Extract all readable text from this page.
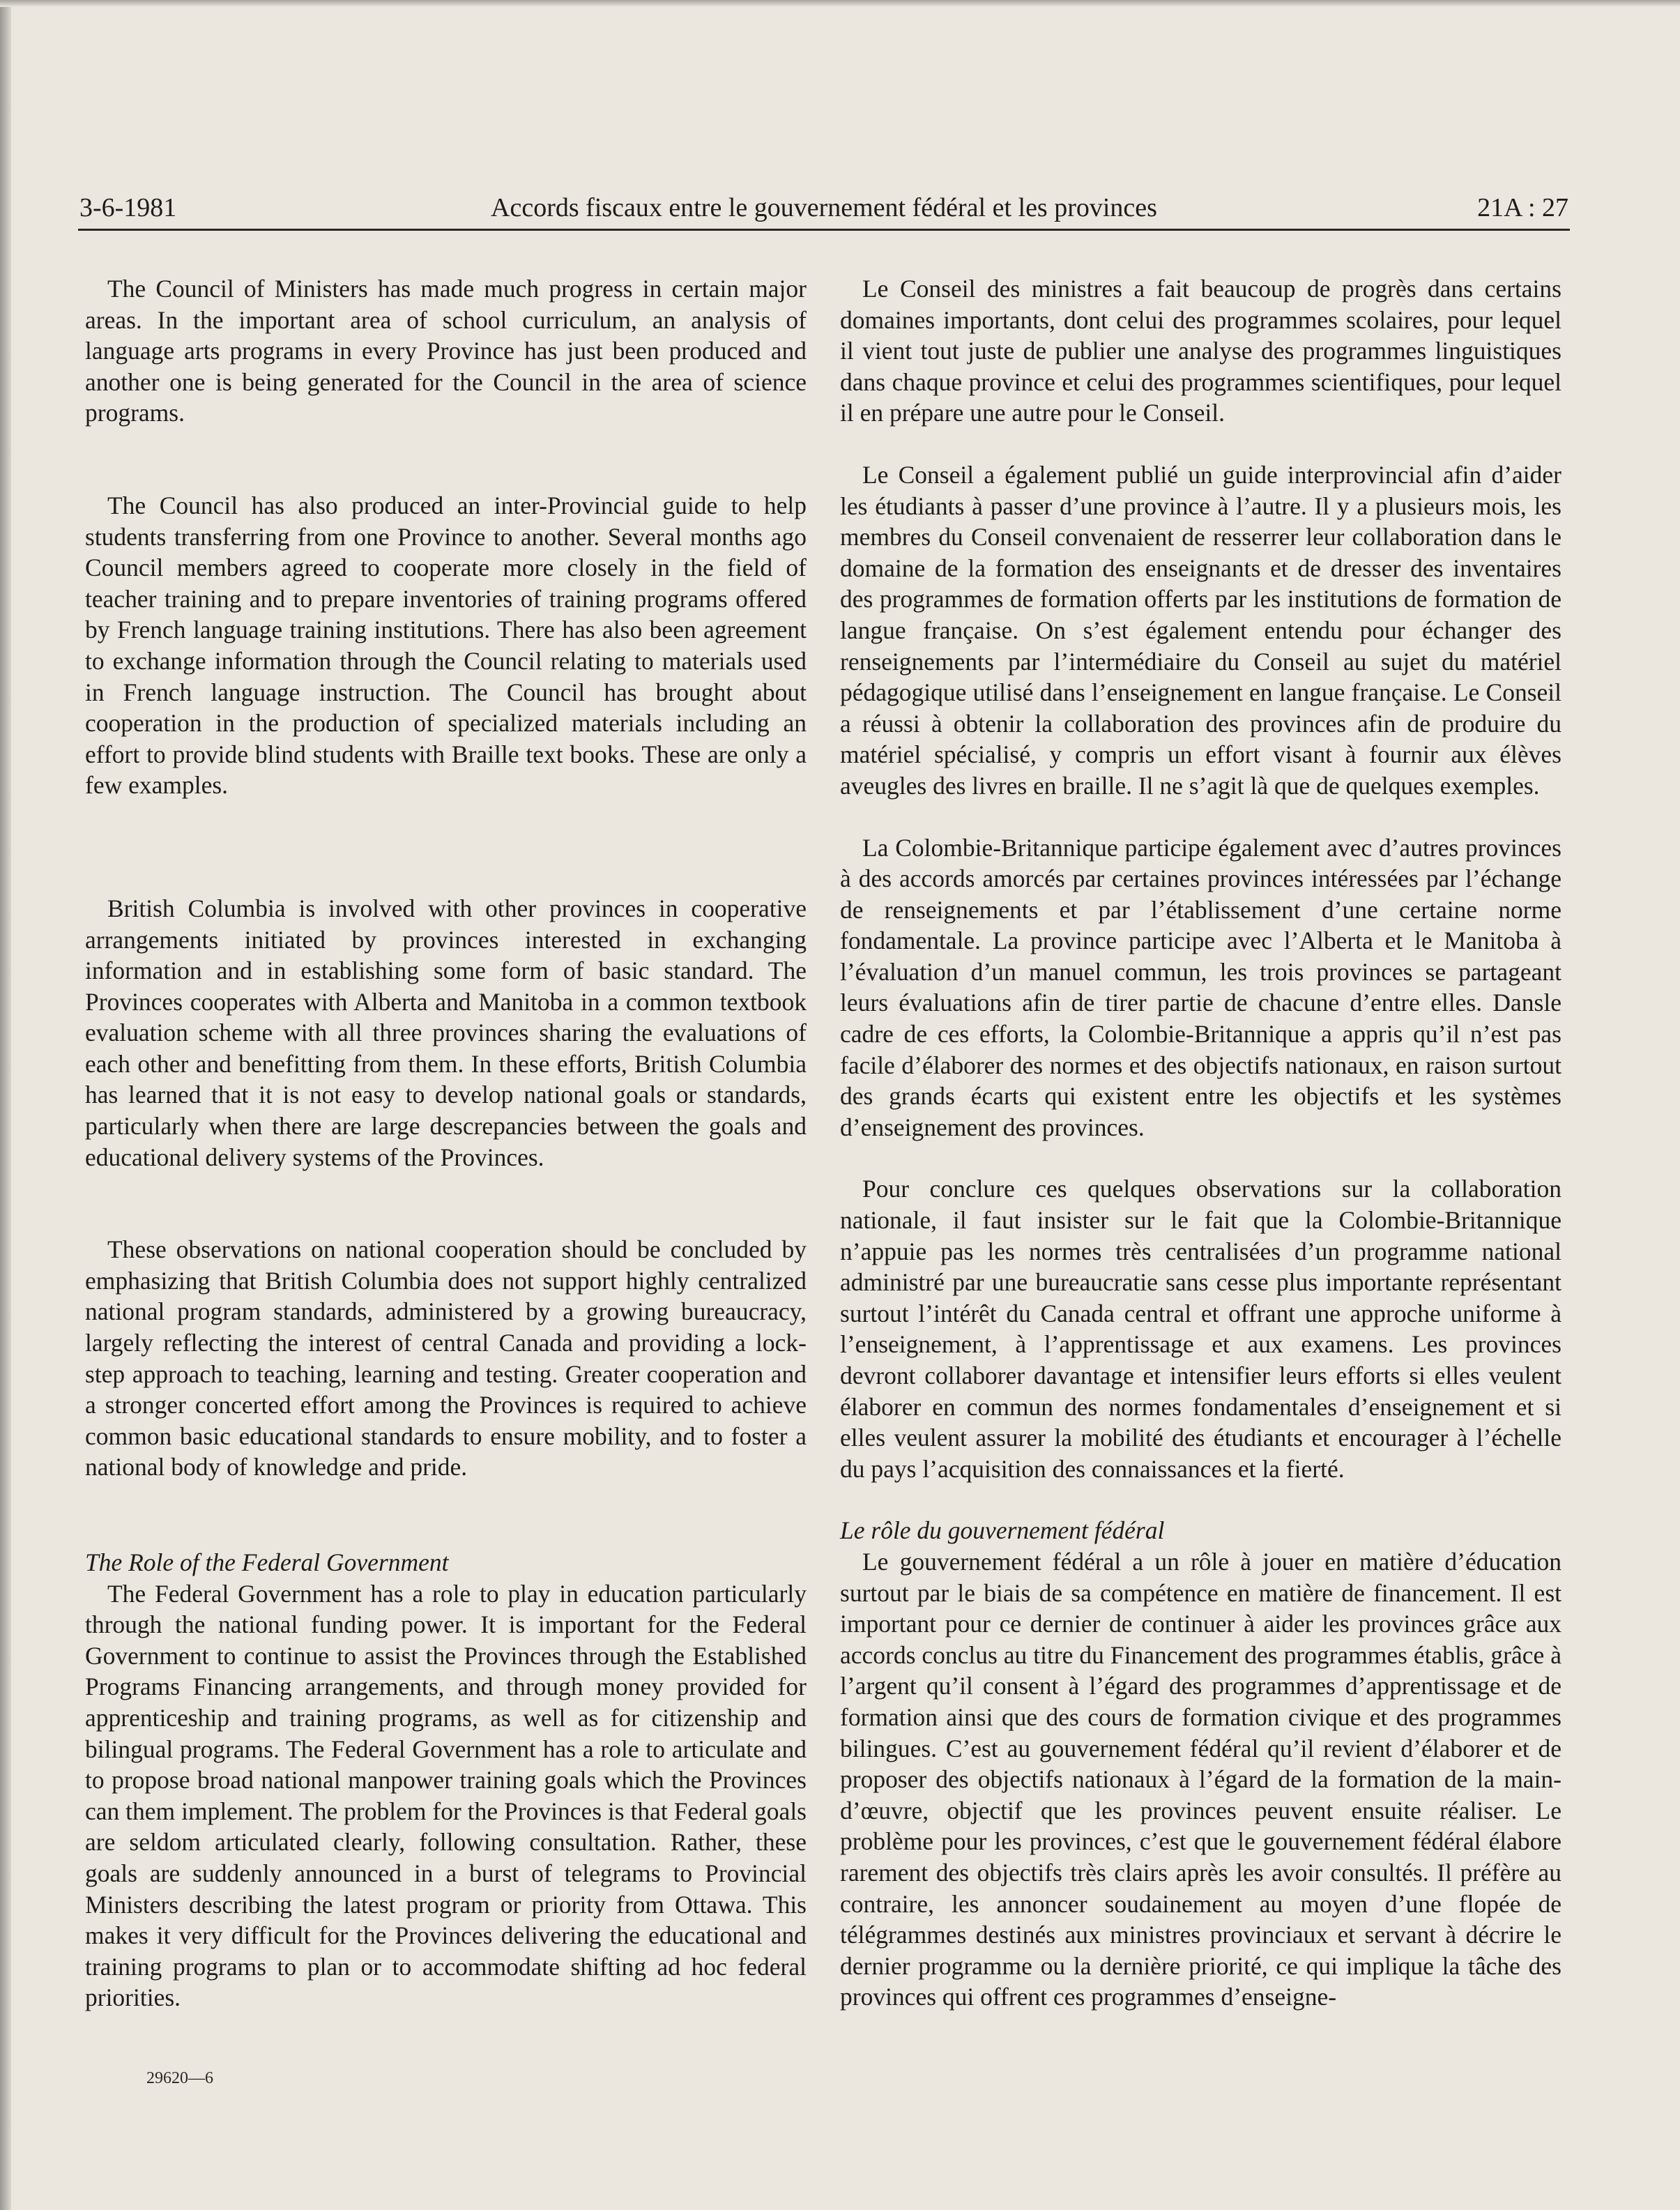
3-6-1981	Accords fiscaux entre le gouvernement fédéral et les provinces	21A : 27

The Council of Ministers has made much progress in certain major areas. In the important area of school curriculum, an analysis of language arts programs in every Province has just been produced and another one is being generated for the Council in the area of science programs.

The Council has also produced an inter-Provincial guide to help students transferring from one Province to another. Several months ago Council members agreed to cooperate more closely in the field of teacher training and to prepare inventories of training programs offered by French language training institutions. There has also been agreement to exchange information through the Council relating to materials used in French language instruction. The Council has brought about cooperation in the production of specialized materials including an effort to provide blind students with Braille text books. These are only a few examples.

British Columbia is involved with other provinces in cooperative arrangements initiated by provinces interested in exchanging information and in establishing some form of basic standard. The Provinces cooperates with Alberta and Manitoba in a common textbook evaluation scheme with all three provinces sharing the evaluations of each other and benefitting from them. In these efforts, British Columbia has learned that it is not easy to develop national goals or standards, particularly when there are large descrepancies between the goals and educational delivery systems of the Provinces.

These observations on national cooperation should be concluded by emphasizing that British Columbia does not support highly centralized national program standards, administered by a growing bureaucracy, largely reflecting the interest of central Canada and providing a lock-step approach to teaching, learning and testing. Greater cooperation and a stronger concerted effort among the Provinces is required to achieve common basic educational standards to ensure mobility, and to foster a national body of knowledge and pride.

The Role of the Federal Government

The Federal Government has a role to play in education particularly through the national funding power. It is important for the Federal Government to continue to assist the Provinces through the Established Programs Financing arrangements, and through money provided for apprenticeship and training programs, as well as for citizenship and bilingual programs. The Federal Government has a role to articulate and to propose broad national manpower training goals which the Provinces can them implement. The problem for the Provinces is that Federal goals are seldom articulated clearly, following consultation. Rather, these goals are suddenly announced in a burst of telegrams to Provincial Ministers describing the latest program or priority from Ottawa. This makes it very difficult for the Provinces delivering the educational and training programs to plan or to accommodate shifting ad hoc federal priorities.

Le Conseil des ministres a fait beaucoup de progrès dans certains domaines importants, dont celui des programmes scolaires, pour lequel il vient tout juste de publier une analyse des programmes linguistiques dans chaque province et celui des programmes scientifiques, pour lequel il en prépare une autre pour le Conseil.

Le Conseil a également publié un guide interprovincial afin d’aider les étudiants à passer d’une province à l’autre. Il y a plusieurs mois, les membres du Conseil convenaient de resserrer leur collaboration dans le domaine de la formation des enseignants et de dresser des inventaires des programmes de formation offerts par les institutions de formation de langue française. On s’est également entendu pour échanger des renseignements par l’intermédiaire du Conseil au sujet du matériel pédagogique utilisé dans l’enseignement en langue française. Le Conseil a réussi à obtenir la collaboration des provinces afin de produire du matériel spécialisé, y compris un effort visant à fournir aux élèves aveugles des livres en braille. Il ne s’agit là que de quelques exemples.

La Colombie-Britannique participe également avec d’autres provinces à des accords amorcés par certaines provinces intéressées par l’échange de renseignements et par l’établissement d’une certaine norme fondamentale. La province participe avec l’Alberta et le Manitoba à l’évaluation d’un manuel commun, les trois provinces se partageant leurs évaluations afin de tirer partie de chacune d’entre elles. Dansle cadre de ces efforts, la Colombie-Britannique a appris qu’il n’est pas facile d’élaborer des normes et des objectifs nationaux, en raison surtout des grands écarts qui existent entre les objectifs et les systèmes d’enseignement des provinces.

Pour conclure ces quelques observations sur la collaboration nationale, il faut insister sur le fait que la Colombie-Britannique n’appuie pas les normes très centralisées d’un programme national administré par une bureaucratie sans cesse plus importante représentant surtout l’intérêt du Canada central et offrant une approche uniforme à l’enseignement, à l’apprentissage et aux examens. Les provinces devront collaborer davantage et intensifier leurs efforts si elles veulent élaborer en commun des normes fondamentales d’enseignement et si elles veulent assurer la mobilité des étudiants et encourager à l’échelle du pays l’acquisition des connaissances et la fierté.

Le rôle du gouvernement fédéral

Le gouvernement fédéral a un rôle à jouer en matière d’éducation surtout par le biais de sa compétence en matière de financement. Il est important pour ce dernier de continuer à aider les provinces grâce aux accords conclus au titre du Financement des programmes établis, grâce à l’argent qu’il consent à l’égard des programmes d’apprentissage et de formation ainsi que des cours de formation civique et des programmes bilingues. C’est au gouvernement fédéral qu’il revient d’élaborer et de proposer des objectifs nationaux à l’égard de la formation de la main-d’œuvre, objectif que les provinces peuvent ensuite réaliser. Le problème pour les provinces, c’est que le gouvernement fédéral élabore rarement des objectifs très clairs après les avoir consultés. Il préfère au contraire, les annoncer soudainement au moyen d’une flopée de télégrammes destinés aux ministres provinciaux et servant à décrire le dernier programme ou la dernière priorité, ce qui implique la tâche des provinces qui offrent ces programmes d’enseigne-

29620—6
